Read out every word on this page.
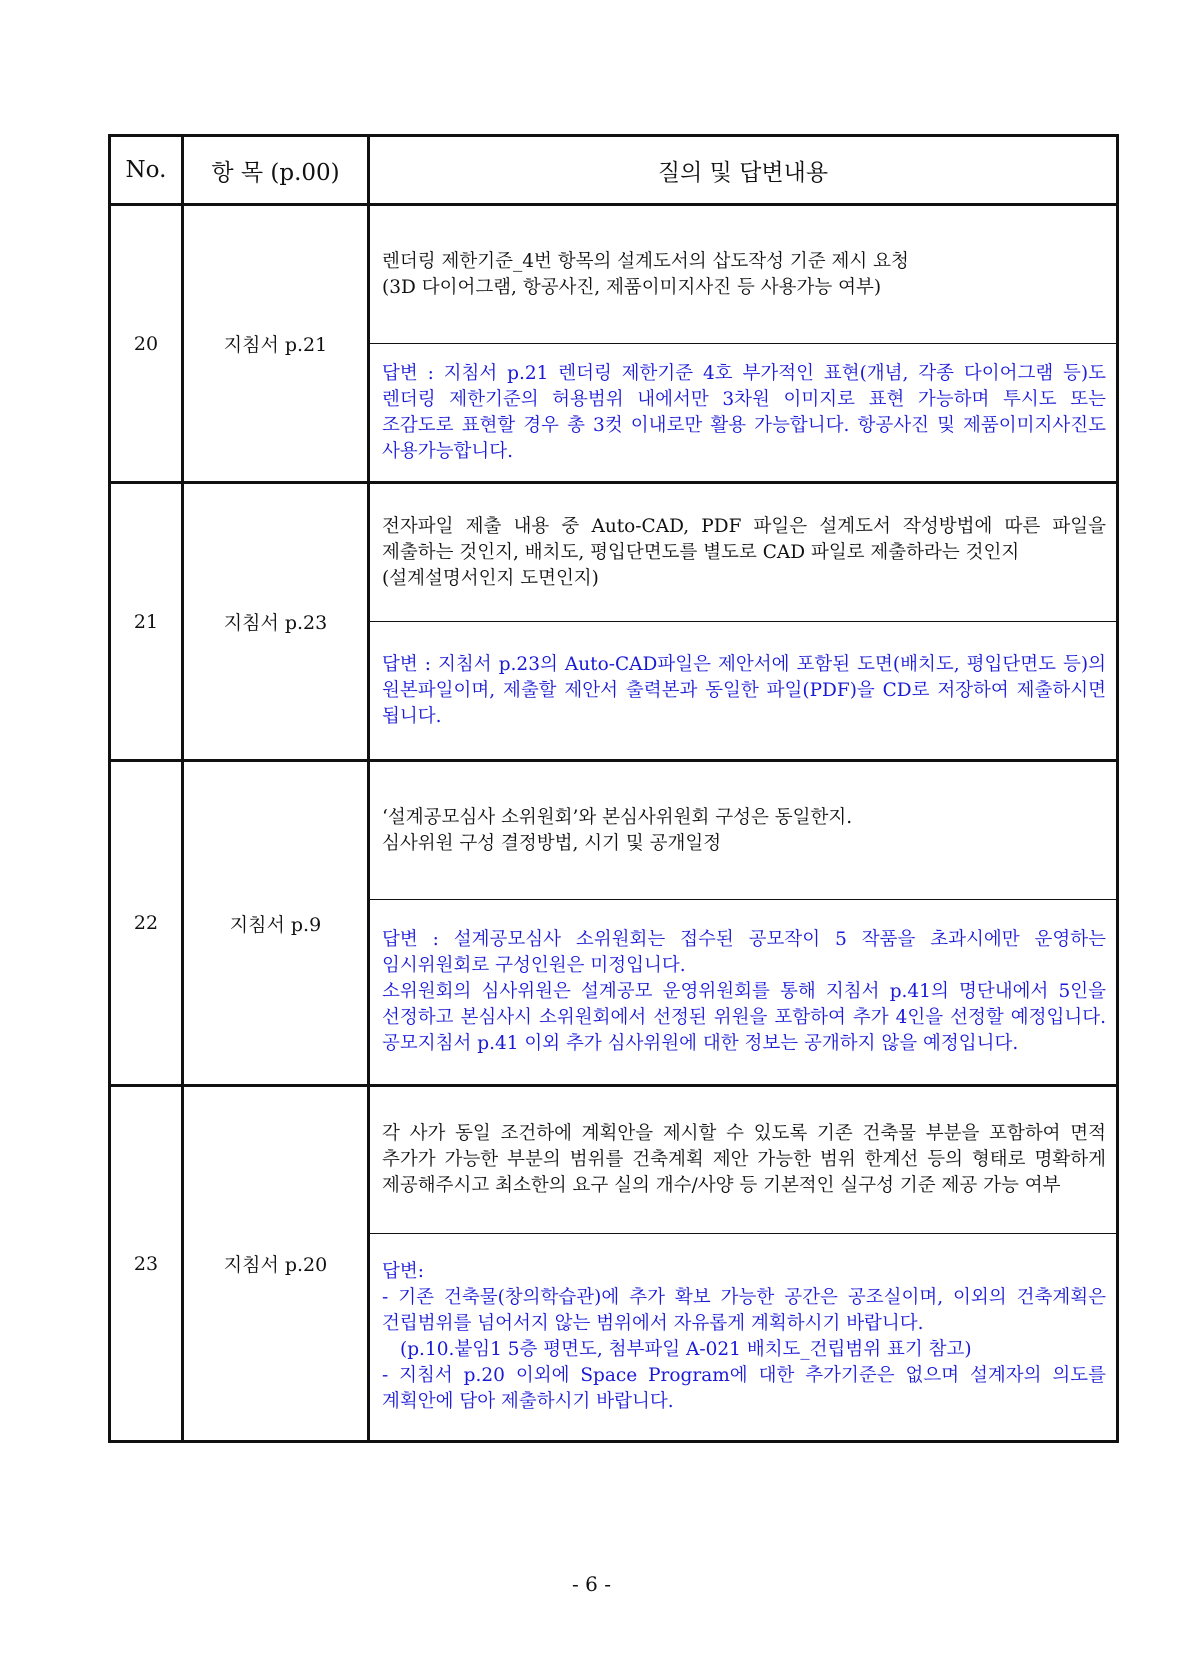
No.	항 목 (p.00)	질의 및 답변내용
20	지침서 p.21	렌더링 제한기준_4번 항목의 설계도서의 삽도작성 기준 제시 요청
(3D 다이어그램, 항공사진, 제품이미지사진 등 사용가능 여부)

		답변 : 지침서 p.21 렌더링 제한기준 4호 부가적인 표현(개념, 각종 다이어그램 등)도 렌더링 제한기준의 허용범위 내에서만 3차원 이미지로 표현 가능하며 투시도 또는 조감도로 표현할 경우 총 3컷 이내로만 활용 가능합니다. 항공사진 및 제품이미지사진도 사용가능합니다.

21	지침서 p.23	전자파일 제출 내용 중 Auto-CAD, PDF 파일은 설계도서 작성방법에 따른 파일을 제출하는 것인지, 배치도, 평입단면도를 별도로 CAD 파일로 제출하라는 것인지
(설계설명서인지 도면인지)

		답변 : 지침서 p.23의 Auto-CAD파일은 제안서에 포함된 도면(배치도, 평입단면도 등)의 원본파일이며, 제출할 제안서 출력본과 동일한 파일(PDF)을 CD로 저장하여 제출하시면 됩니다.

22	지침서 p.9	‘설계공모심사 소위원회’와 본심사위원회 구성은 동일한지.
심사위원 구성 결정방법, 시기 및 공개일정

		답변 : 설계공모심사 소위원회는 접수된 공모작이 5 작품을 초과시에만 운영하는 임시위원회로 구성인원은 미정입니다.
소위원회의 심사위원은 설계공모 운영위원회를 통해 지침서 p.41의 명단내에서 5인을 선정하고 본심사시 소위원회에서 선정된 위원을 포함하여 추가 4인을 선정할 예정입니다. 공모지침서 p.41 이외 추가 심사위원에 대한 정보는 공개하지 않을 예정입니다.

23	지침서 p.20	각 사가 동일 조건하에 계획안을 제시할 수 있도록 기존 건축물 부분을 포함하여 면적 추가가 가능한 부분의 범위를 건축계획 제안 가능한 범위 한계선 등의 형태로 명확하게 제공해주시고 최소한의 요구 실의 개수/사양 등 기본적인 실구성 기준 제공 가능 여부

		답변:
- 기존 건축물(창의학습관)에 추가 확보 가능한 공간은 공조실이며, 이외의 건축계획은 건립범위를 넘어서지 않는 범위에서 자유롭게 계획하시기 바랍니다.
(p.10.붙임1 5층 평면도, 첨부파일 A-021 배치도_건립범위 표기 참고)
- 지침서 p.20 이외에 Space Program에 대한 추가기준은 없으며 설계자의 의도를 계획안에 담아 제출하시기 바랍니다.
- 6 -
